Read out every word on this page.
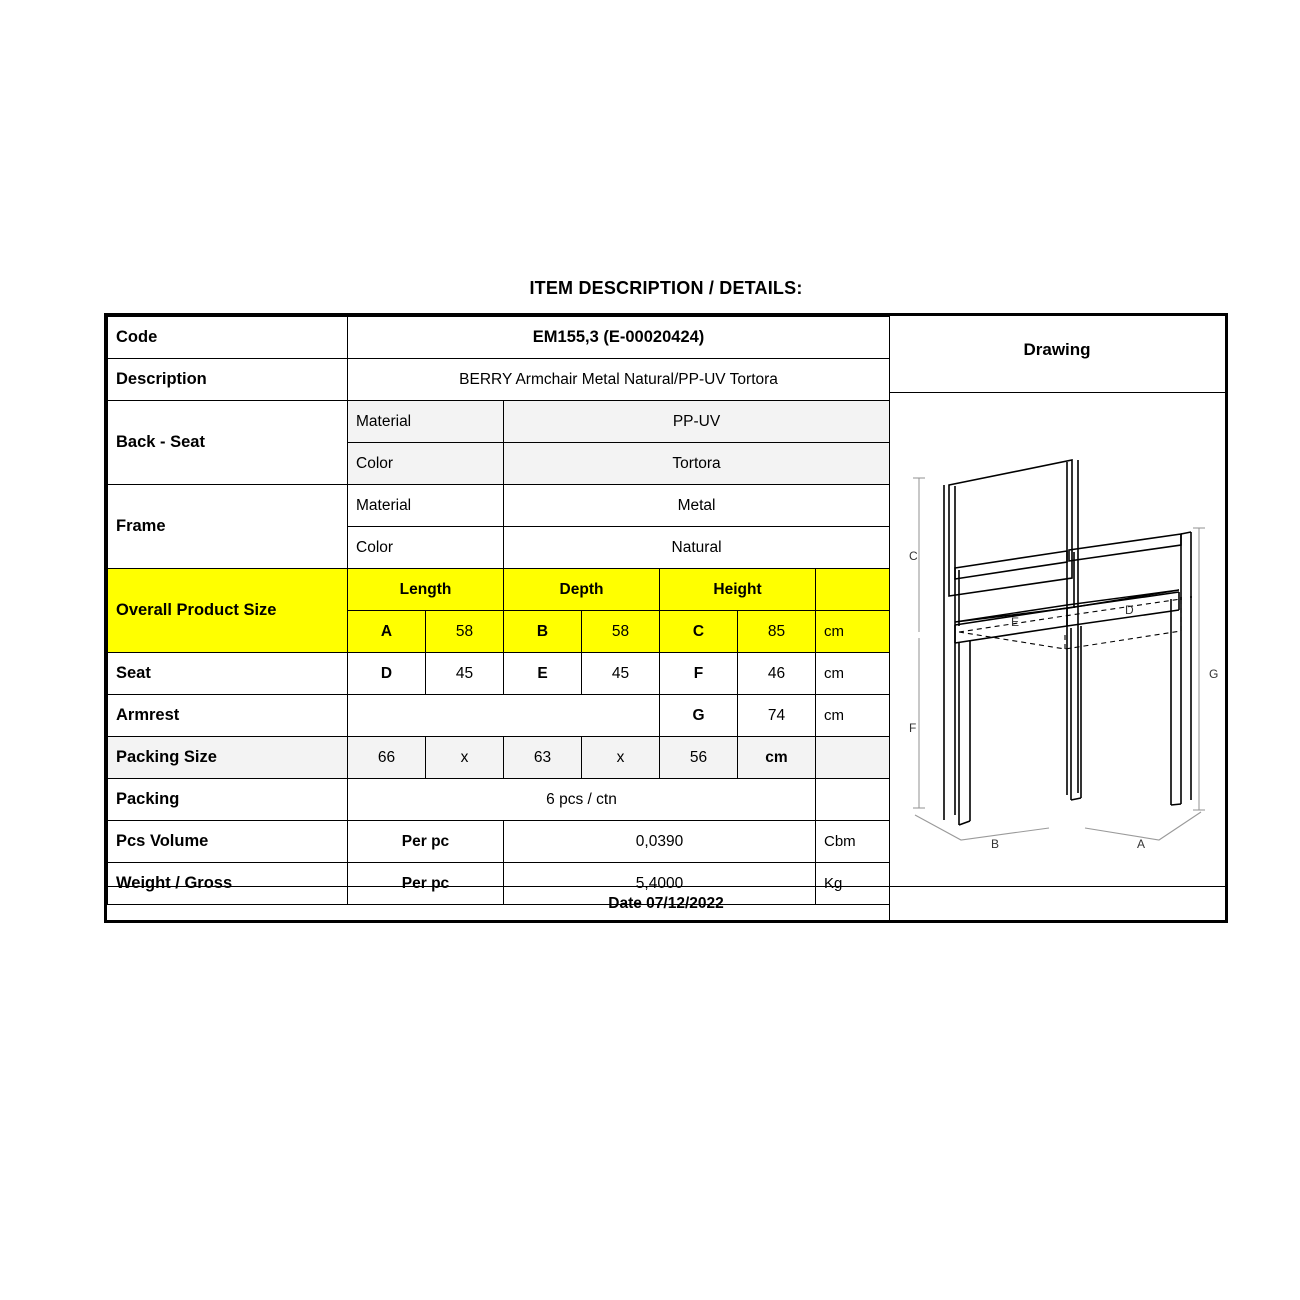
ITEM DESCRIPTION / DETAILS:
Code	EM155,3 (E-00020424)						
Description	BERRY Armchair Metal Natural/PP-UV Tortora						
Back - Seat	Material		PP-UV				
	Color		Tortora				
Frame	Material		Metal				
	Color		Natural				
Overall Product Size	Length		Depth		Height		
	A	58	B	58	C	85	cm
Seat	D	45	E	45	F	46	cm
Armrest					G	74	cm
Packing Size	66	x	63	x	56	cm	
Packing	6 pcs / ctn						
Pcs Volume	Per pc		0,0390				Cbm
Weight / Gross	Per pc		5,4000				Kg
Drawing
C
F
G
E
D
B	A
Date 07/12/2022
